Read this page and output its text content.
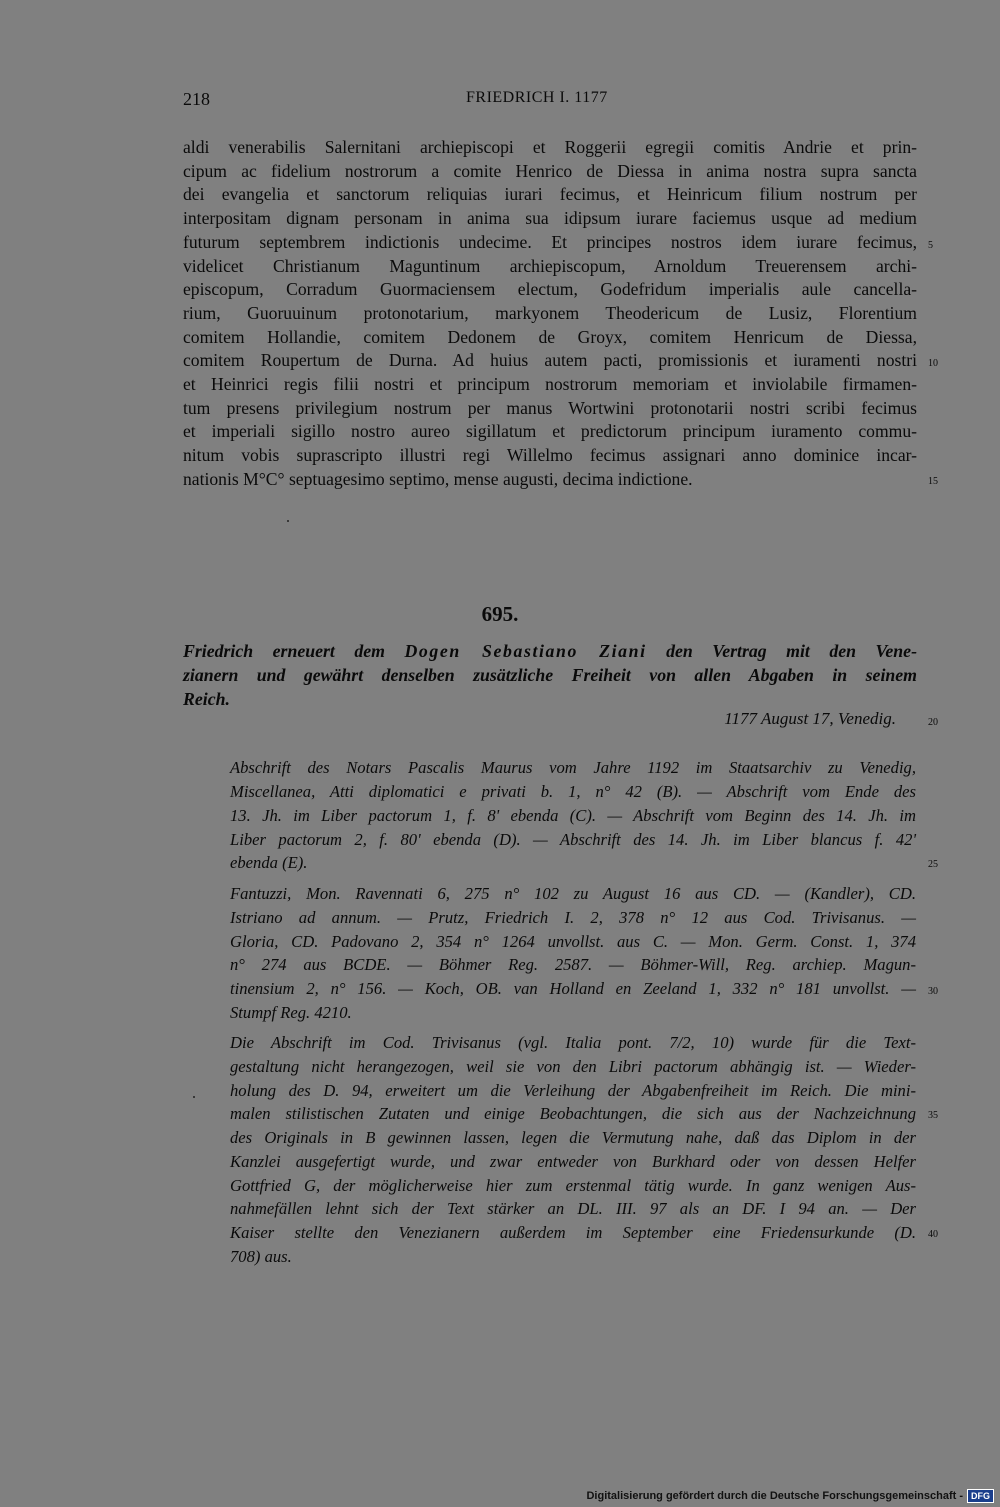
218	FRIEDRICH I. 1177
aldi venerabilis Salernitani archiepiscopi et Roggerii egregii comitis Andrie et prin-
cipum ac fidelium nostrorum a comite Henrico de Diessa in anima nostra supra sancta
dei evangelia et sanctorum reliquias iurari fecimus, et Heinricum filium nostrum per
interpositam dignam personam in anima sua idipsum iurare faciemus usque ad medium
futurum septembrem indictionis undecime. Et principes nostros idem iurare fecimus,
videlicet Christianum Maguntinum archiepiscopum, Arnoldum Treuerensem archi-
episcopum, Corradum Guormaciensem electum, Godefridum imperialis aule cancella-
rium, Guoruuinum protonotarium, markyonem Theodericum de Lusiz, Florentium
comitem Hollandie, comitem Dedonem de Groyx, comitem Henricum de Diessa,
comitem Roupertum de Durna. Ad huius autem pacti, promissionis et iuramenti nostri
et Heinrici regis filii nostri et principum nostrorum memoriam et inviolabile firmamen-
tum presens privilegium nostrum per manus Wortwini protonotarii nostri scribi fecimus
et imperiali sigillo nostro aureo sigillatum et predictorum principum iuramento commu-
nitum vobis suprascripto illustri regi Willelmo fecimus assignari anno dominice incar-
nationis M°C° septuagesimo septimo, mense augusti, decima indictione.
5
10
15
695.
Friedrich erneuert dem Dogen Sebastiano Ziani den Vertrag mit den Vene-
zianern und gewährt denselben zusätzliche Freiheit von allen Abgaben in seinem
Reich.
1177 August 17, Venedig.
Abschrift des Notars Pascalis Maurus vom Jahre 1192 im Staatsarchiv zu Venedig,
Miscellanea, Atti diplomatici e privati b. 1, n° 42 (B). — Abschrift vom Ende des
13. Jh. im Liber pactorum 1, f. 8' ebenda (C). — Abschrift vom Beginn des 14. Jh. im
Liber pactorum 2, f. 80' ebenda (D). — Abschrift des 14. Jh. im Liber blancus f. 42'
ebenda (E).
Fantuzzi, Mon. Ravennati 6, 275 n° 102 zu August 16 aus CD. — (Kandler), CD.
Istriano ad annum. — Prutz, Friedrich I. 2, 378 n° 12 aus Cod. Trivisanus. —
Gloria, CD. Padovano 2, 354 n° 1264 unvollst. aus C. — Mon. Germ. Const. 1, 374
n° 274 aus BCDE. — Böhmer Reg. 2587. — Böhmer-Will, Reg. archiep. Magun-
tinensium 2, n° 156. — Koch, OB. van Holland en Zeeland 1, 332 n° 181 unvollst. —
Stumpf Reg. 4210.
Die Abschrift im Cod. Trivisanus (vgl. Italia pont. 7/2, 10) wurde für die Text-
gestaltung nicht herangezogen, weil sie von den Libri pactorum abhängig ist. — Wieder-
holung des D. 94, erweitert um die Verleihung der Abgabenfreiheit im Reich. Die mini-
malen stilistischen Zutaten und einige Beobachtungen, die sich aus der Nachzeichnung
des Originals in B gewinnen lassen, legen die Vermutung nahe, daß das Diplom in der
Kanzlei ausgefertigt wurde, und zwar entweder von Burkhard oder von dessen Helfer
Gottfried G, der möglicherweise hier zum erstenmal tätig wurde. In ganz wenigen Aus-
nahmefällen lehnt sich der Text stärker an DL. III. 97 als an DF. I 94 an. — Der
Kaiser stellte den Venezianern außerdem im September eine Friedensurkunde (D.
708) aus.
20
25
30
35
40
Digitalisierung gefördert durch die Deutsche Forschungsgemeinschaft - DFG
